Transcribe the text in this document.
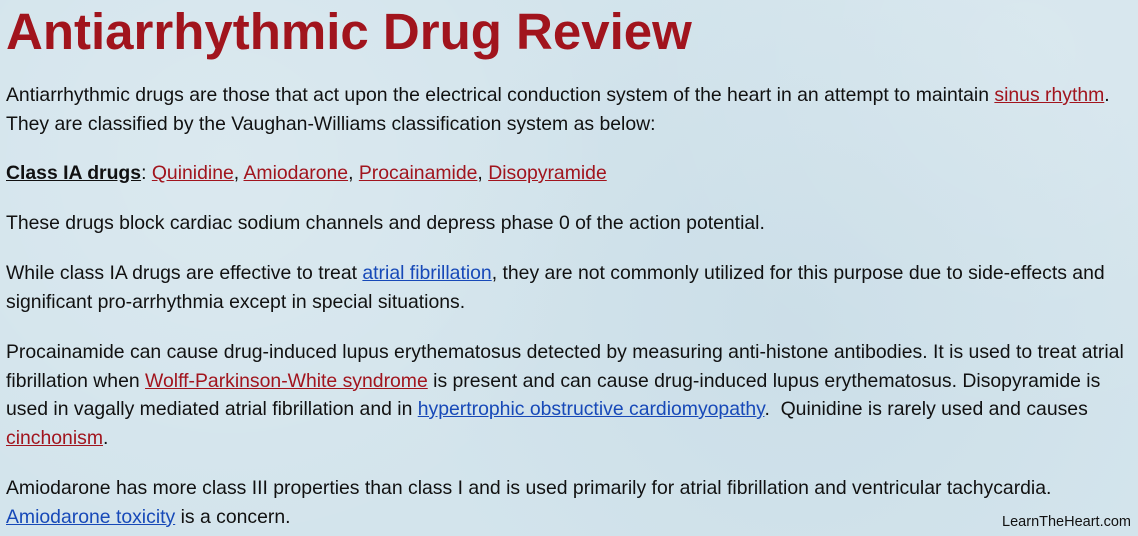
Antiarrhythmic Drug Review

Antiarrhythmic drugs are those that act upon the electrical conduction system of the heart in an attempt to maintain sinus rhythm. They are classified by the Vaughan-Williams classification system as below:

Class IA drugs: Quinidine, Amiodarone, Procainamide, Disopyramide

These drugs block cardiac sodium channels and depress phase 0 of the action potential.

While class IA drugs are effective to treat atrial fibrillation, they are not commonly utilized for this purpose due to side-effects and significant pro-arrhythmia except in special situations.

Procainamide can cause drug-induced lupus erythematosus detected by measuring anti-histone antibodies. It is used to treat atrial fibrillation when Wolff-Parkinson-White syndrome is present and can cause drug-induced lupus erythematosus. Disopyramide is used in vagally mediated atrial fibrillation and in hypertrophic obstructive cardiomyopathy.  Quinidine is rarely used and causes cinchonism.

Amiodarone has more class III properties than class I and is used primarily for atrial fibrillation and ventricular tachycardia. Amiodarone toxicity is a concern.	LearnTheHeart.com
